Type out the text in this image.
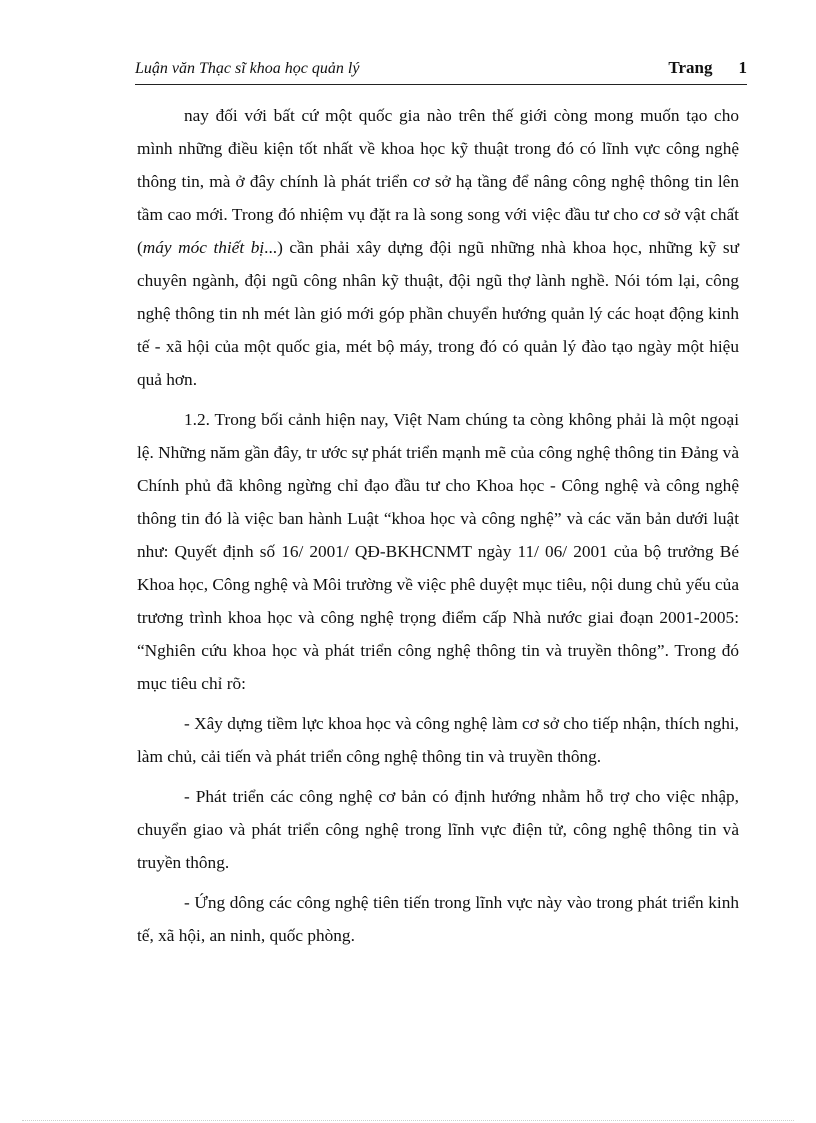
Luận văn Thạc sĩ khoa học quản lý	Trang 1

nay đối với bất cứ một quốc gia nào trên thế giới còng mong muốn tạo cho mình những điều kiện tốt nhất về khoa học kỹ thuật trong đó có lĩnh vực công nghệ thông tin, mà ở đây chính là phát triển cơ sở hạ tầng để nâng công nghệ thông tin lên tầm cao mới. Trong đó nhiệm vụ đặt ra là song song với việc đầu tư cho cơ sở vật chất (máy móc thiết bị...) cần phải xây dựng đội ngũ những nhà khoa học, những kỹ sư chuyên ngành, đội ngũ công nhân kỹ thuật, đội ngũ thợ lành nghề. Nói tóm lại, công nghệ thông tin nh mét làn gió mới góp phần chuyển hướng quản lý các hoạt động kinh tế - xã hội của một quốc gia, mét bộ máy, trong đó có quản lý đào tạo ngày một hiệu quả hơn.

1.2. Trong bối cảnh hiện nay, Việt Nam chúng ta còng không phải là một ngoại lệ. Những năm gần đây, tr ước sự phát triển mạnh mẽ của công nghệ thông tin Đảng và Chính phủ đã không ngừng chỉ đạo đầu tư cho Khoa học - Công nghệ và công nghệ thông tin đó là việc ban hành Luật “khoa học và công nghệ” và các văn bản dưới luật như: Quyết định số 16/ 2001/ QĐ-BKHCNMT ngày 11/ 06/ 2001 của bộ trưởng Bé Khoa học, Công nghệ và Môi trường về việc phê duyệt mục tiêu, nội dung chủ yếu của trương trình khoa học và công nghệ trọng điểm cấp Nhà nước giai đoạn 2001-2005: “Nghiên cứu khoa học và phát triển công nghệ thông tin và truyền thông”. Trong đó mục tiêu chỉ rõ:

- Xây dựng tiềm lực khoa học và công nghệ làm cơ sở cho tiếp nhận, thích nghi, làm chủ, cải tiến và phát triển công nghệ thông tin và truyền thông.

- Phát triển các công nghệ cơ bản có định hướng nhằm hỗ trợ cho việc nhập, chuyển giao và phát triển công nghệ trong lĩnh vực điện tử, công nghệ thông tin và truyền thông.

- Ứng dông các công nghệ tiên tiến trong lĩnh vực này vào trong phát triển kinh tế, xã hội, an ninh, quốc phòng.
